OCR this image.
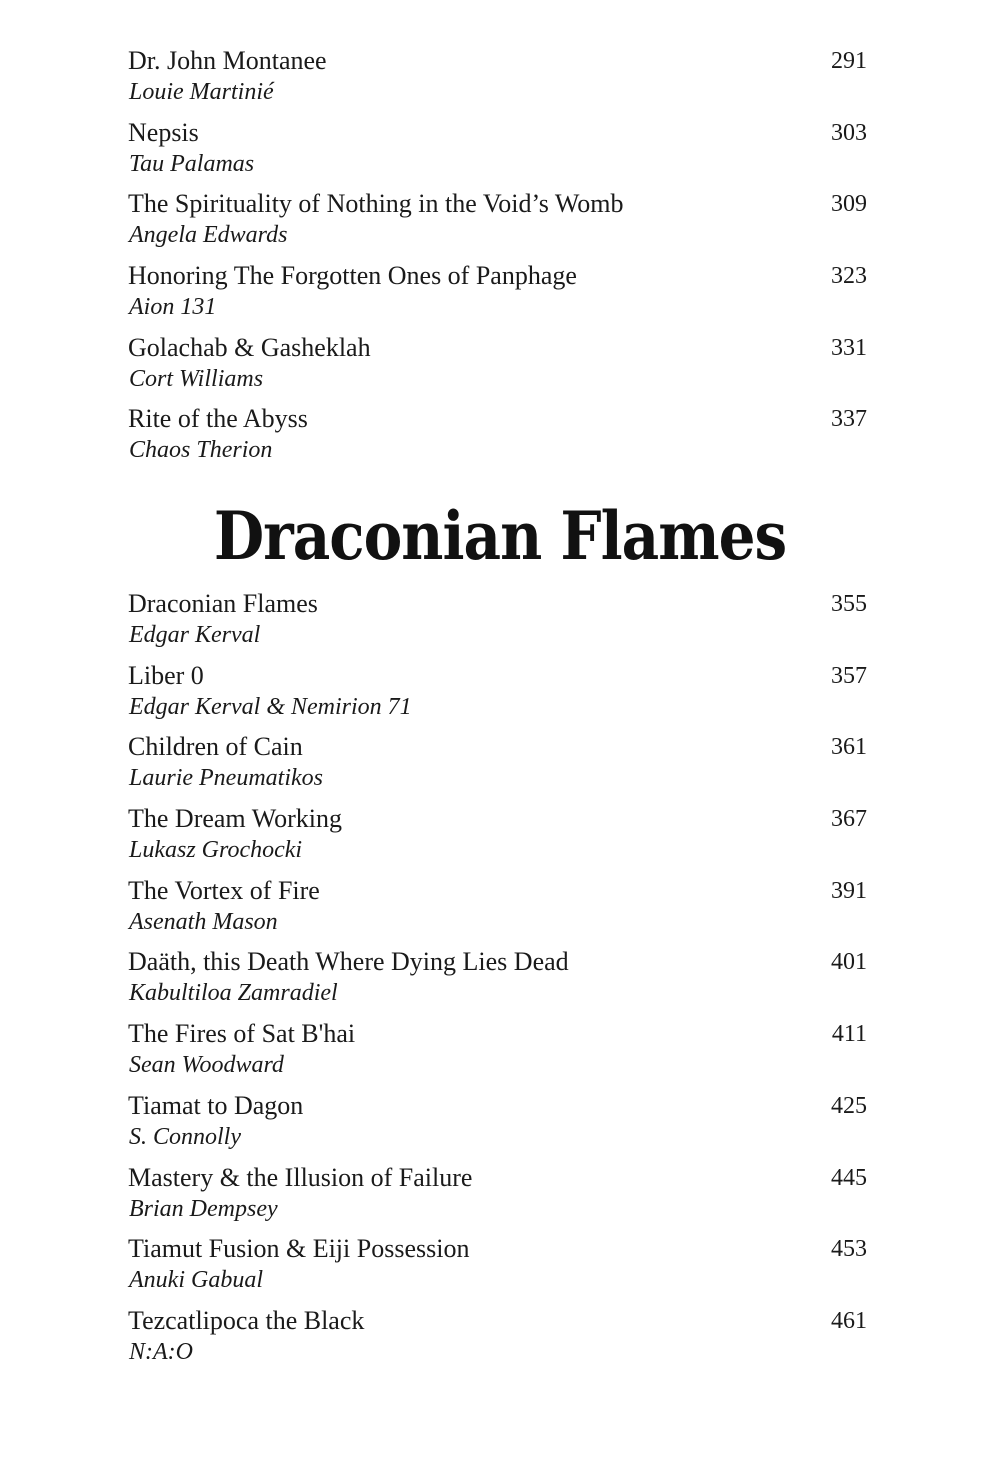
Dr. John Montanee
Louie Martinié
291
Nepsis
Tau Palamas
303
The Spirituality of Nothing in the Void’s Womb
Angela Edwards
309
Honoring The Forgotten Ones of Panphage
Aion 131
323
Golachab & Gasheklah
Cort Williams
331
Rite of the Abyss
Chaos Therion
337
Draconian Flames
Draconian Flames
Edgar Kerval
355
Liber 0
Edgar Kerval & Nemirion 71
357
Children of Cain
Laurie Pneumatikos
361
The Dream Working
Lukasz Grochocki
367
The Vortex of Fire
Asenath Mason
391
Daäth, this Death Where Dying Lies Dead
Kabultiloa Zamradiel
401
The Fires of Sat B'hai
Sean Woodward
411
Tiamat to Dagon
S. Connolly
425
Mastery & the Illusion of Failure
Brian Dempsey
445
Tiamut Fusion & Eiji Possession
Anuki Gabual
453
Tezcatlipoca the Black
N:A:O
461
